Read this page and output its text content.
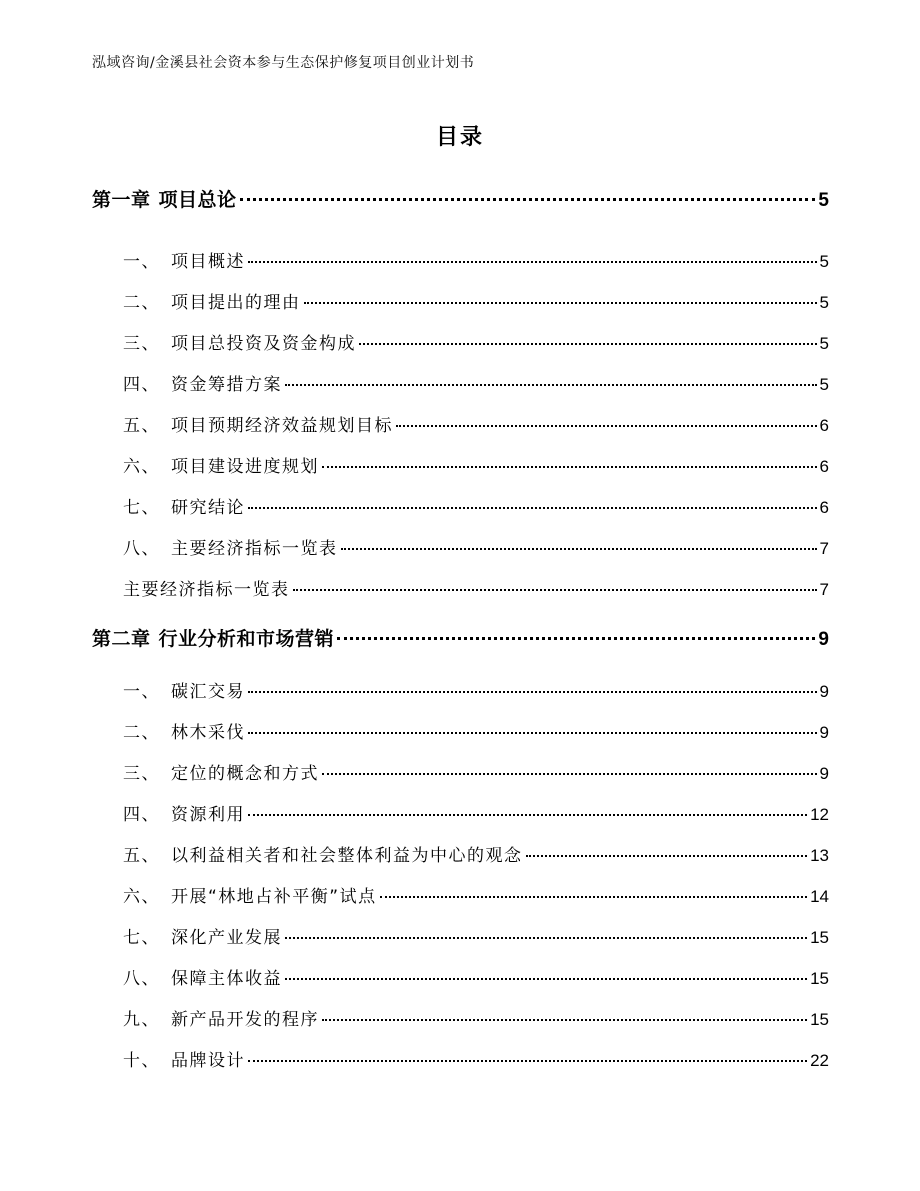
泓域咨询/金溪县社会资本参与生态保护修复项目创业计划书
目录
第一章 项目总论	5
一、 项目概述	5
二、 项目提出的理由	5
三、 项目总投资及资金构成	5
四、 资金筹措方案	5
五、 项目预期经济效益规划目标	6
六、 项目建设进度规划	6
七、 研究结论	6
八、 主要经济指标一览表	7
主要经济指标一览表	7
第二章 行业分析和市场营销	9
一、 碳汇交易	9
二、 林木采伐	9
三、 定位的概念和方式	9
四、 资源利用	12
五、 以利益相关者和社会整体利益为中心的观念	13
六、 开展“林地占补平衡”试点	14
七、 深化产业发展	15
八、 保障主体收益	15
九、 新产品开发的程序	15
十、 品牌设计	22
